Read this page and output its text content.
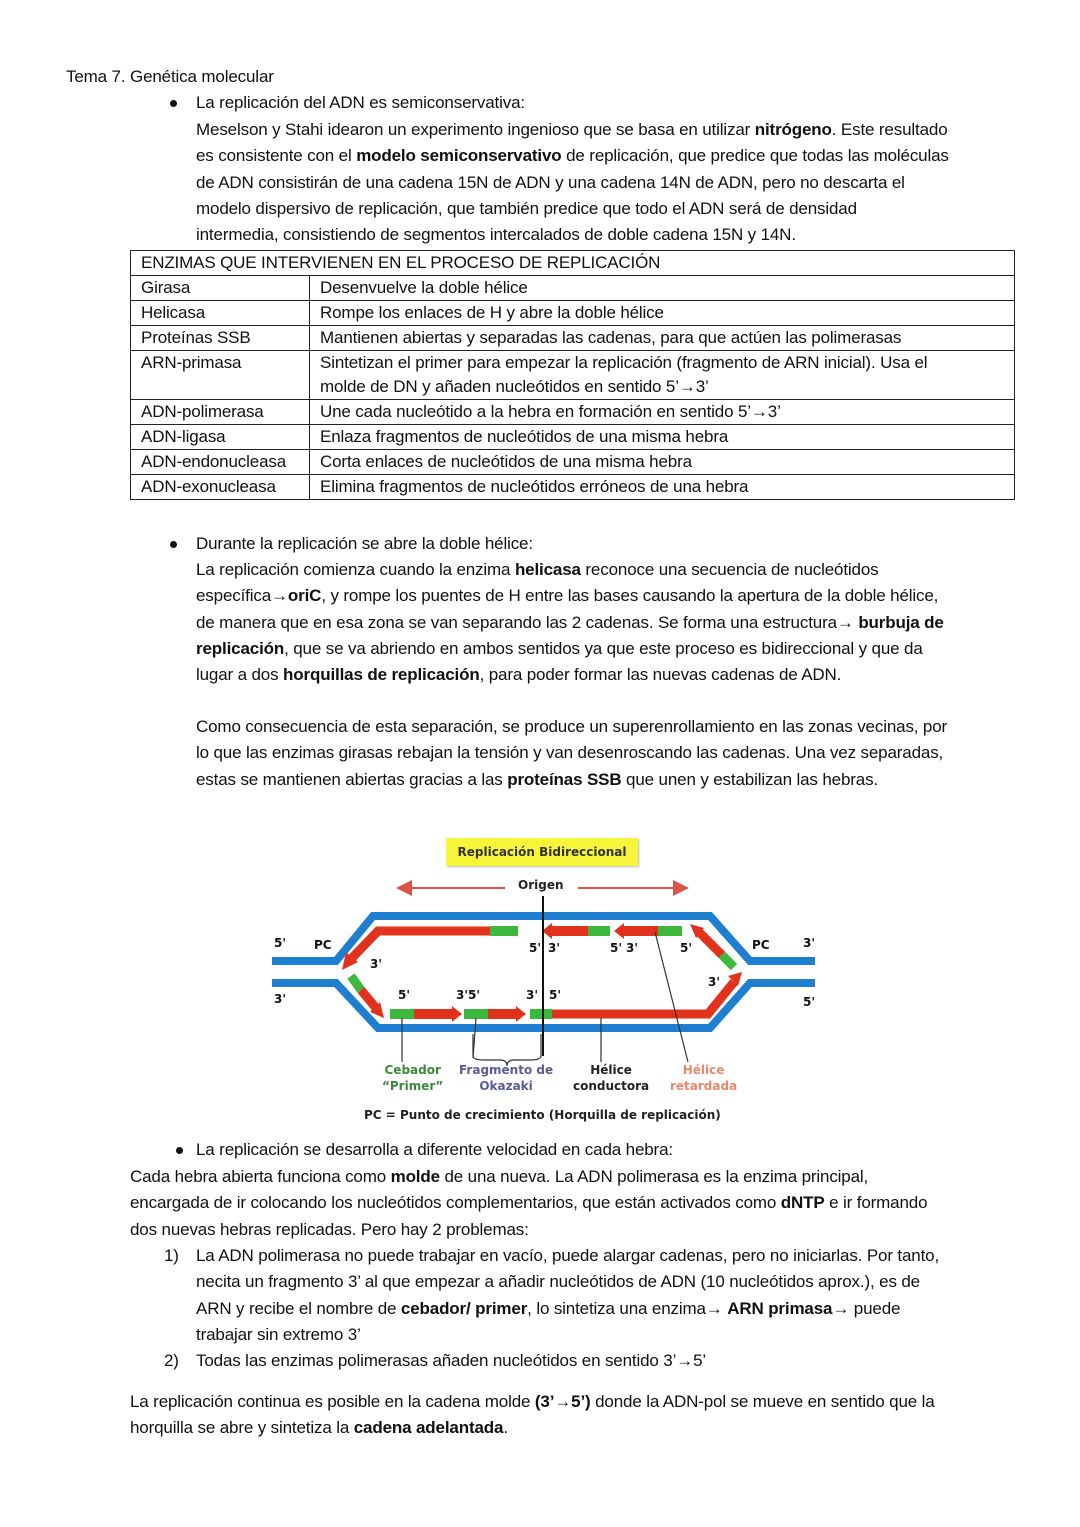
Tema 7. Genética molecular
La replicación del ADN es semiconservativa:
ENZIMAS QUE INTERVIENEN EN EL PROCESO DE REPLICACIÓN	
Girasa	Desenvuelve la doble hélice
Helicasa	Rompe los enlaces de H y abre la doble hélice
Proteínas SSB	Mantienen abiertas y separadas las cadenas, para que actúen las polimerasas
ARN-primasa	Sintetizan el primer para empezar la replicación (fragmento de ARN inicial). Usa el
molde de DN y añaden nucleótidos en sentido 5’→3’

ADN-polimerasa	Une cada nucleótido a la hebra en formación en sentido 5’→3’
ADN-ligasa	Enlaza fragmentos de nucleótidos de una misma hebra
ADN-endonucleasa	Corta enlaces de nucleótidos de una misma hebra
ADN-exonucleasa	Elimina fragmentos de nucleótidos erróneos de una hebra
Durante la replicación se abre la doble hélice:
Replicación Bidireccional
Origen
5'
3'
3'
5'
PC	PC
5' 3'	5' 3'	5'
3'
3'
5'	3'5'	3' 5'
Cebador
“Primer”
Fragmento de
Okazaki
Hélice
conductora
Hélice
retardada
PC = Punto de crecimiento (Horquilla de replicación)
La replicación se desarrolla a diferente velocidad en cada hebra:
1)
2)
Meselson y Stahi idearon un experimento ingenioso que se basa en utilizar nitrógeno. Este resultado
es consistente con el modelo semiconservativo de replicación, que predice que todas las moléculas
de ADN consistirán de una cadena 15N de ADN y una cadena 14N de ADN, pero no descarta el
modelo dispersivo de replicación, que también predice que todo el ADN será de densidad
intermedia, consistiendo de segmentos intercalados de doble cadena 15N y 14N.
La replicación comienza cuando la enzima helicasa reconoce una secuencia de nucleótidos
específica→oriC, y rompe los puentes de H entre las bases causando la apertura de la doble hélice,
de manera que en esa zona se van separando las 2 cadenas. Se forma una estructura→ burbuja de
replicación, que se va abriendo en ambos sentidos ya que este proceso es bidireccional y que da
lugar a dos horquillas de replicación, para poder formar las nuevas cadenas de ADN.
Como consecuencia de esta separación, se produce un superenrollamiento en las zonas vecinas, por
lo que las enzimas girasas rebajan la tensión y van desenroscando las cadenas. Una vez separadas,
estas se mantienen abiertas gracias a las proteínas SSB que unen y estabilizan las hebras.
Cada hebra abierta funciona como molde de una nueva. La ADN polimerasa es la enzima principal,
encargada de ir colocando los nucleótidos complementarios, que están activados como dNTP e ir formando
dos nuevas hebras replicadas. Pero hay 2 problemas:
La ADN polimerasa no puede trabajar en vacío, puede alargar cadenas, pero no iniciarlas. Por tanto,
necita un fragmento 3’ al que empezar a añadir nucleótidos de ADN (10 nucleótidos aprox.), es de
ARN y recibe el nombre de cebador/ primer, lo sintetiza una enzima→ ARN primasa→ puede
trabajar sin extremo 3’
Todas las enzimas polimerasas añaden nucleótidos en sentido 3’→5’
La replicación continua es posible en la cadena molde (3’→5’) donde la ADN-pol se mueve en sentido que la
horquilla se abre y sintetiza la cadena adelantada.
